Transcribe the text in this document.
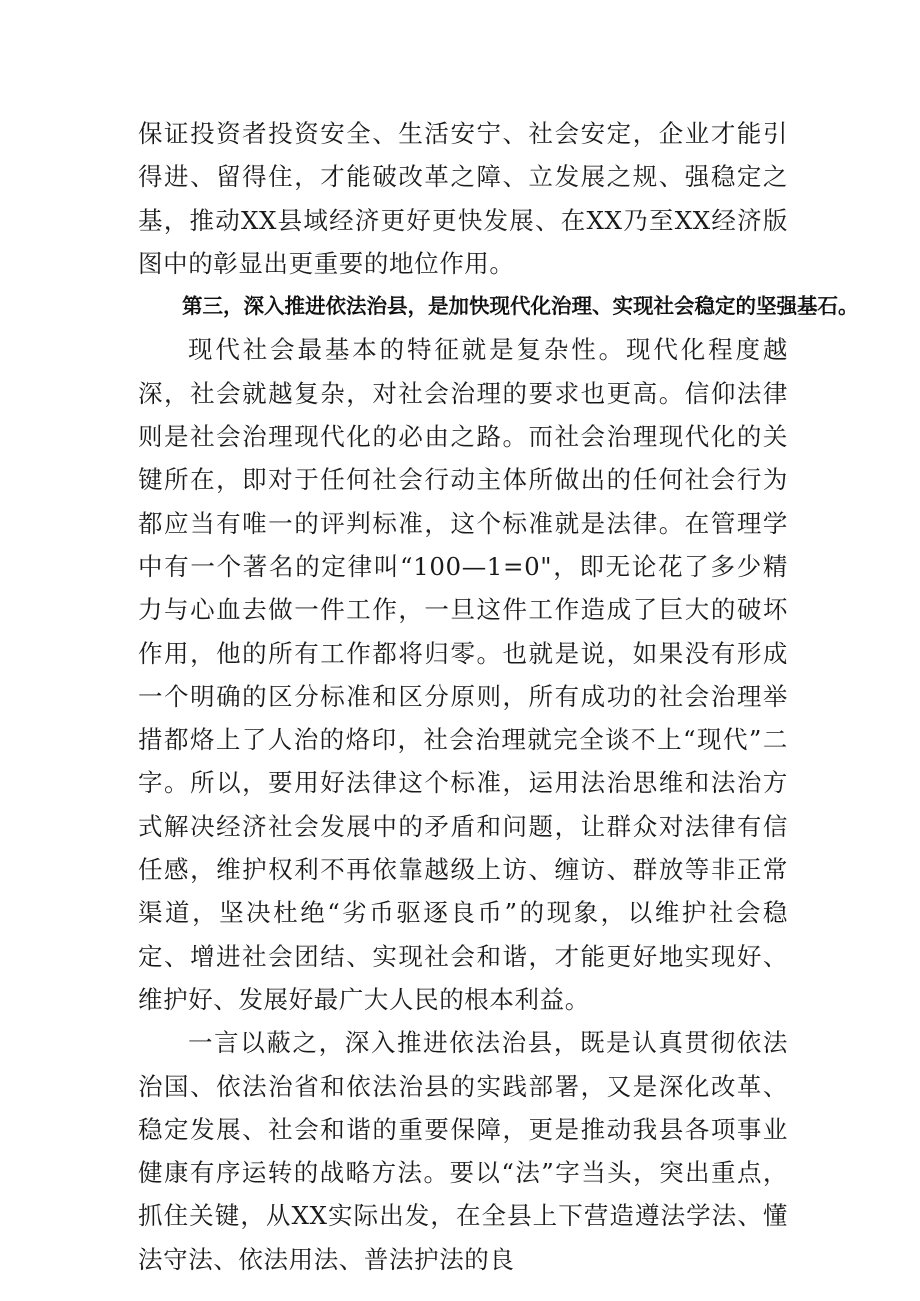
保证投资者投资安全、生活安宁、社会安定，企业才能引得进、留得住，才能破改革之障、立发展之规、强稳定之基，推动XX县域经济更好更快发展、在XX乃至XX经济版图中的彰显出更重要的地位作用。

第三，深入推进依法治县，是加快现代化治理、实现社会稳定的坚强基石。

现代社会最基本的特征就是复杂性。现代化程度越深，社会就越复杂，对社会治理的要求也更高。信仰法律则是社会治理现代化的必由之路。而社会治理现代化的关键所在，即对于任何社会行动主体所做出的任何社会行为都应当有唯一的评判标准，这个标准就是法律。在管理学中有一个著名的定律叫“100—1=0"，即无论花了多少精力与心血去做一件工作，一旦这件工作造成了巨大的破坏作用，他的所有工作都将归零。也就是说，如果没有形成一个明确的区分标准和区分原则，所有成功的社会治理举措都烙上了人治的烙印，社会治理就完全谈不上“现代”二字。所以，要用好法律这个标准，运用法治思维和法治方式解决经济社会发展中的矛盾和问题，让群众对法律有信任感，维护权利不再依靠越级上访、缠访、群放等非正常渠道，坚决杜绝“劣币驱逐良币”的现象，以维护社会稳定、增进社会团结、实现社会和谐，才能更好地实现好、维护好、发展好最广大人民的根本利益。

一言以蔽之，深入推进依法治县，既是认真贯彻依法治国、依法治省和依法治县的实践部署，又是深化改革、稳定发展、社会和谐的重要保障，更是推动我县各项事业健康有序运转的战略方法。要以“法”字当头，突出重点，抓住关键，从XX实际出发，在全县上下营造遵法学法、懂法守法、依法用法、普法护法的良
